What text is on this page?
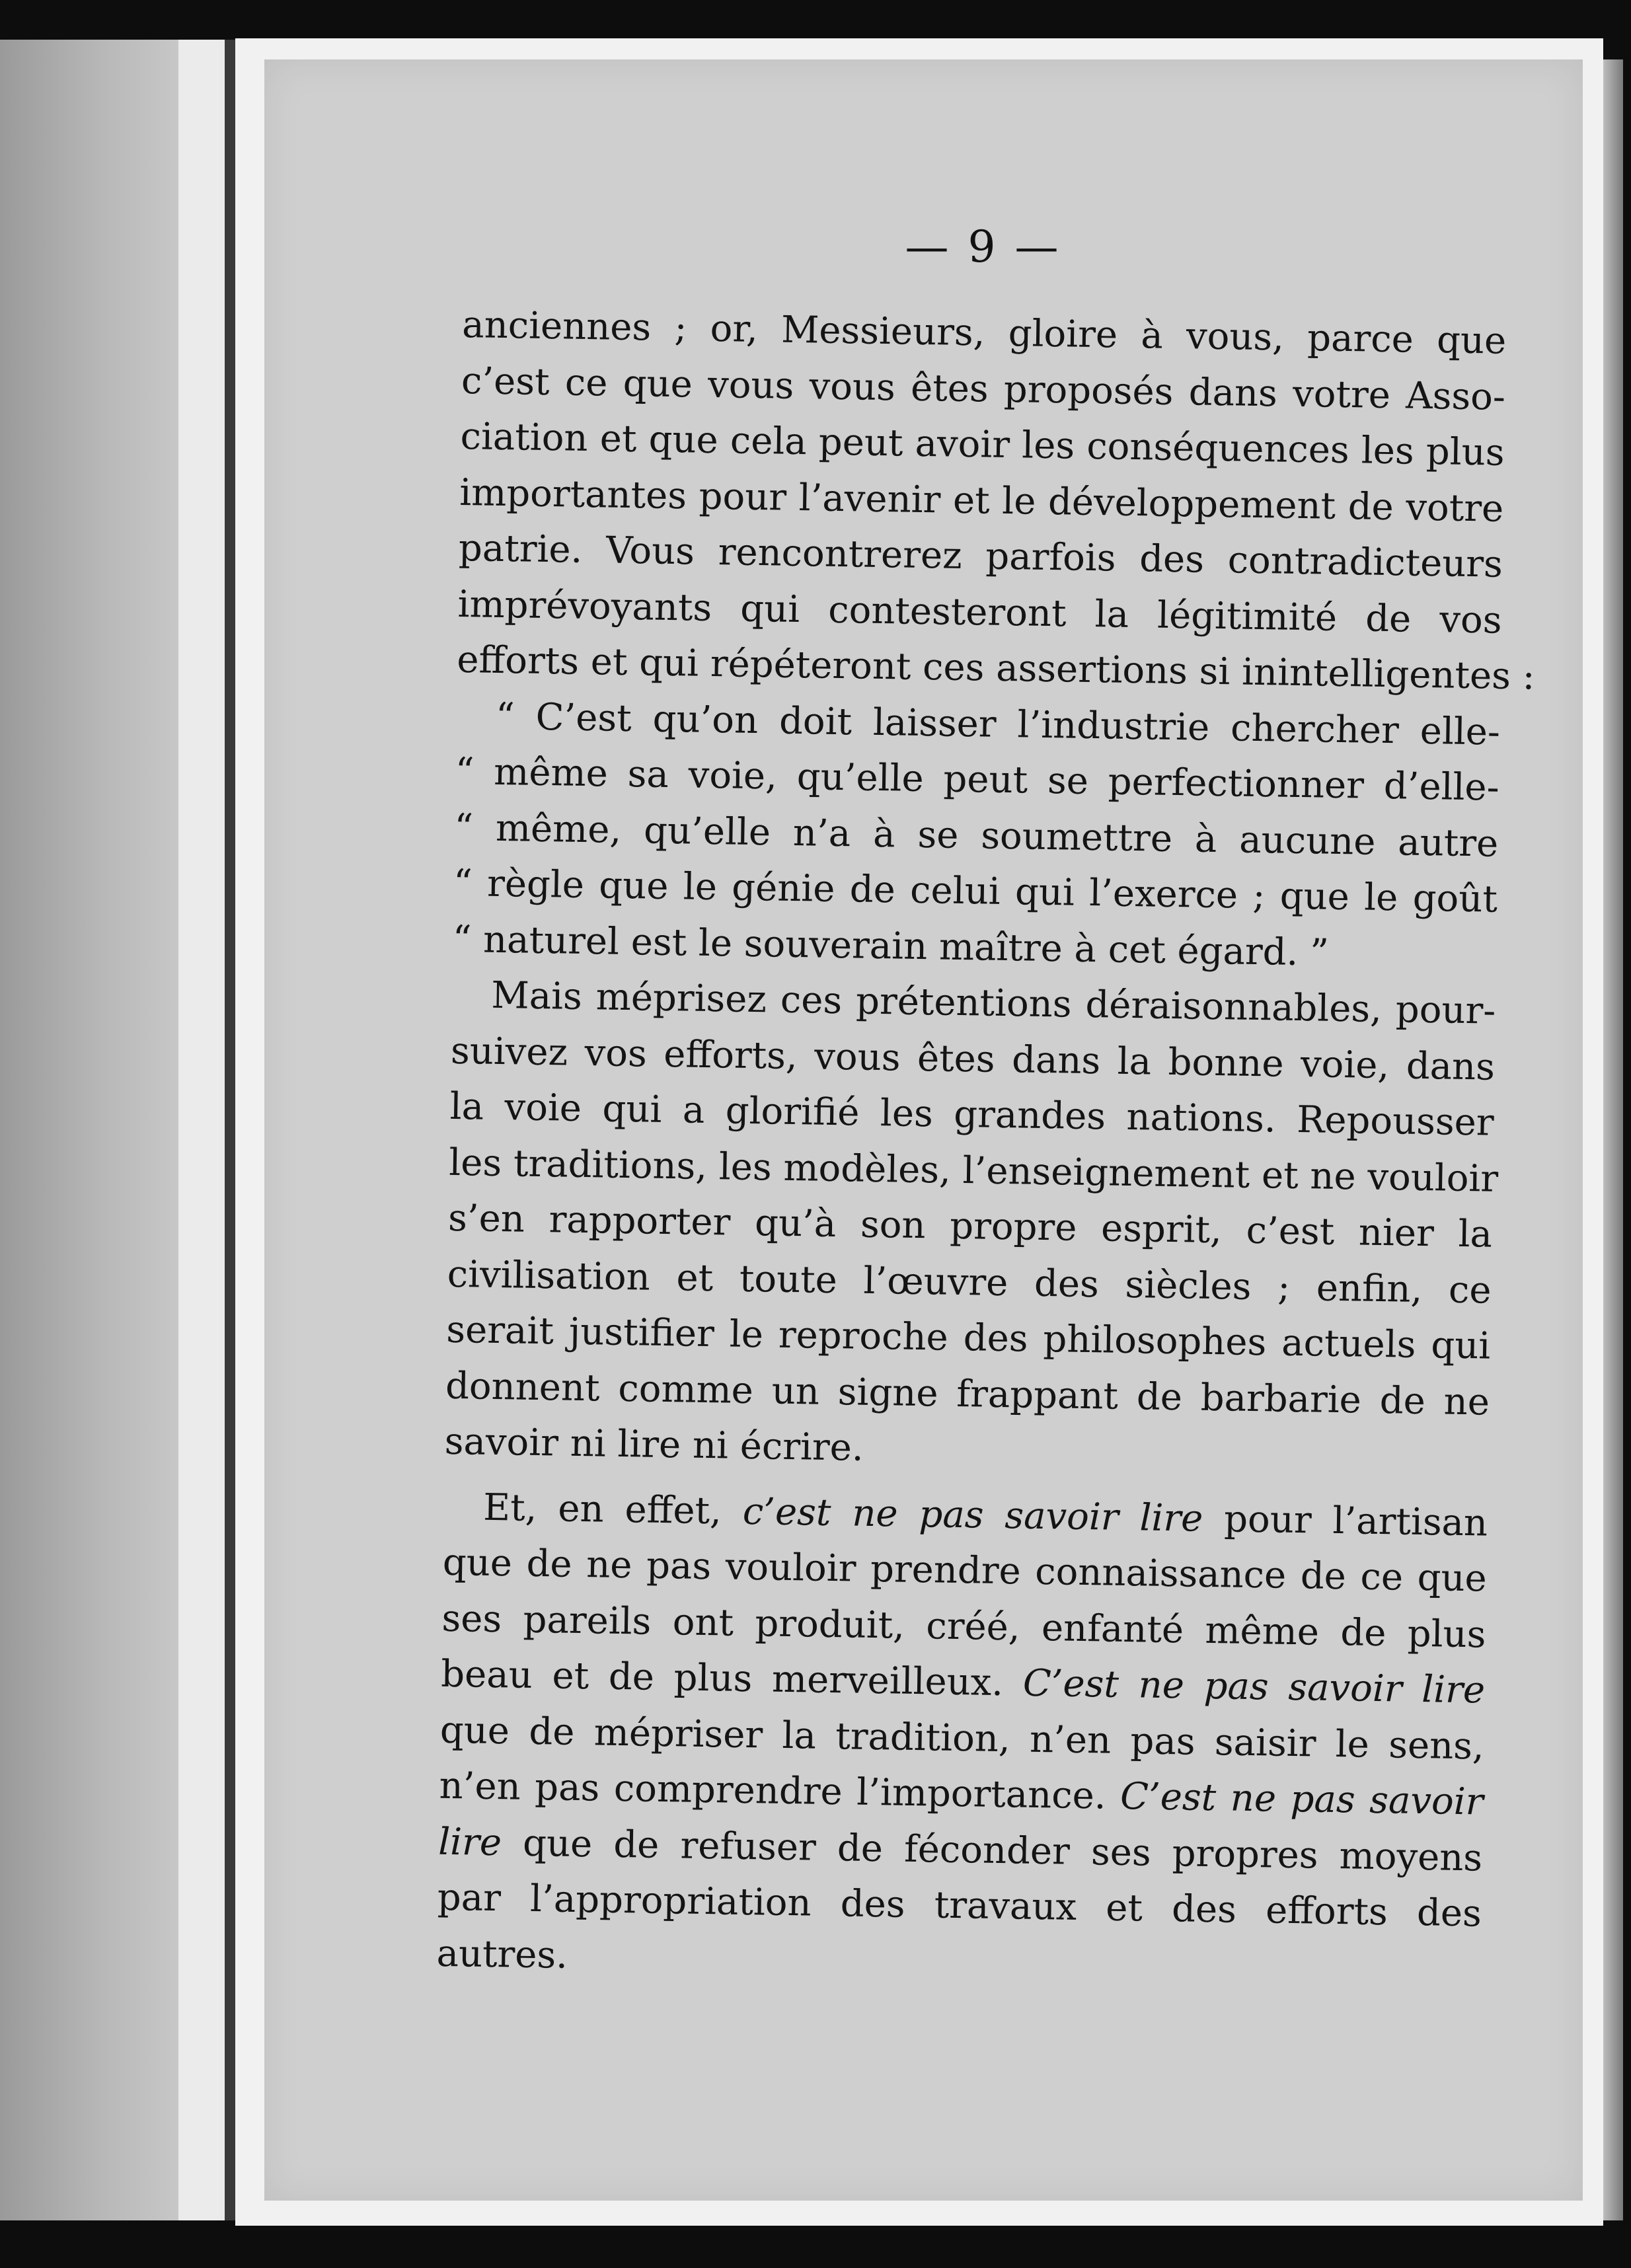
— 9 —
anciennes ; or, Messieurs, gloire à vous, parce que
c’est ce que vous vous êtes proposés dans votre Asso-
ciation et que cela peut avoir les conséquences les plus
importantes pour l’avenir et le développement de votre
patrie. Vous rencontrerez parfois des contradicteurs
imprévoyants qui contesteront la légitimité de vos
efforts et qui répéteront ces assertions si inintelligentes :
“ C’est qu’on doit laisser l’industrie chercher elle-
“ même sa voie, qu’elle peut se perfectionner d’elle-
“ même, qu’elle n’a à se soumettre à aucune autre
“ règle que le génie de celui qui l’exerce ; que le goût
“ naturel est le souverain maître à cet égard. ”
Mais méprisez ces prétentions déraisonnables, pour-
suivez vos efforts, vous êtes dans la bonne voie, dans
la voie qui a glorifié les grandes nations. Repousser
les traditions, les modèles, l’enseignement et ne vouloir
s’en rapporter qu’à son propre esprit, c’est nier la
civilisation et toute l’œuvre des siècles ; enfin, ce
serait justifier le reproche des philosophes actuels qui
donnent comme un signe frappant de barbarie de ne
savoir ni lire ni écrire.
Et, en effet, c’est ne pas savoir lire pour l’artisan
que de ne pas vouloir prendre connaissance de ce que
ses pareils ont produit, créé, enfanté même de plus
beau et de plus merveilleux. C’est ne pas savoir lire
que de mépriser la tradition, n’en pas saisir le sens,
n’en pas comprendre l’importance. C’est ne pas savoir
lire que de refuser de féconder ses propres moyens
par l’appropriation des travaux et des efforts des
autres.
